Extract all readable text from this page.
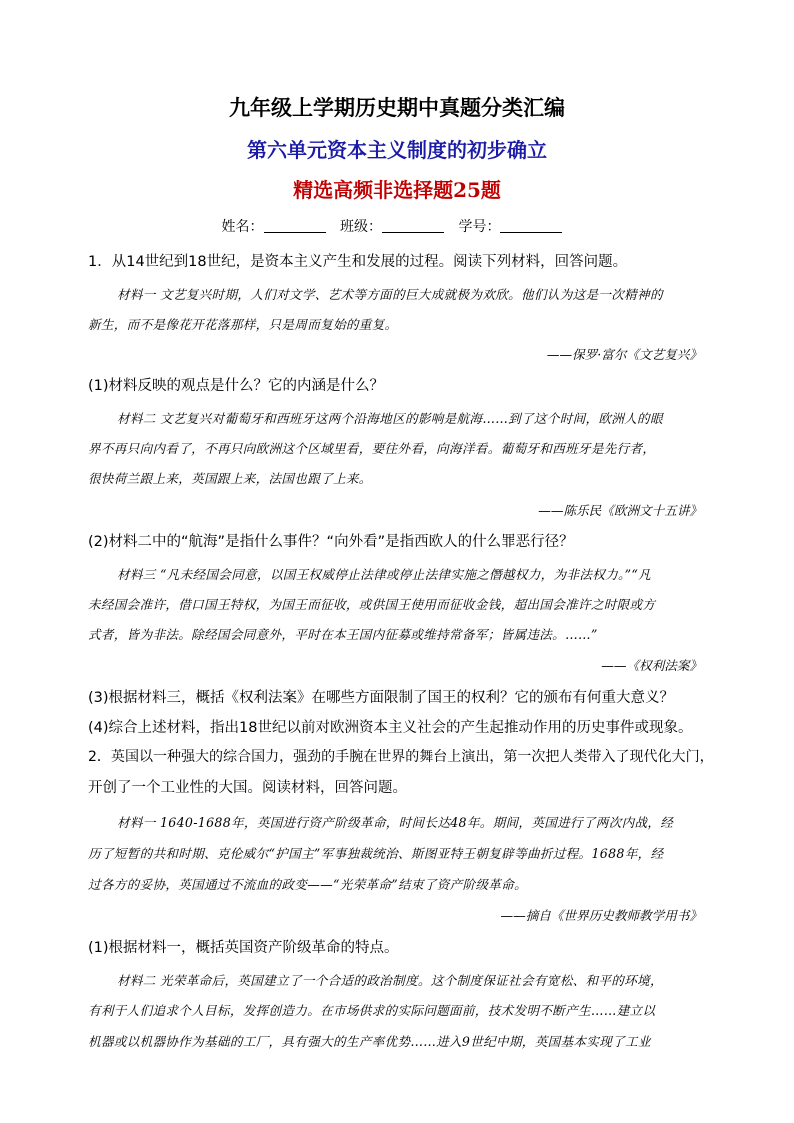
九年级上学期历史期中真题分类汇编
第六单元资本主义制度的初步确立
精选高频非选择题25题
姓名：	班级：	学号：
1．从14世纪到18世纪，是资本主义产生和发展的过程。阅读下列材料，回答问题。
材料一 文艺复兴时期，人们对文学、艺术等方面的巨大成就极为欢欣。他们认为这是一次精神的
新生，而不是像花开花落那样，只是周而复始的重复。
——保罗·富尔《文艺复兴》
(1)材料反映的观点是什么？它的内涵是什么？
材料二 文艺复兴对葡萄牙和西班牙这两个沿海地区的影响是航海……到了这个时间，欧洲人的眼
界不再只向内看了，不再只向欧洲这个区域里看，要往外看，向海洋看。葡萄牙和西班牙是先行者，
很快荷兰跟上来，英国跟上来，法国也跟了上来。
——陈乐民《欧洲文十五讲》
(2)材料二中的“航海”是指什么事件？“向外看”是指西欧人的什么罪恶行径？
材料三 “凡未经国会同意，以国王权威停止法律或停止法律实施之僭越权力，为非法权力。”“凡
未经国会准许，借口国王特权，为国王而征收，或供国王使用而征收金钱，超出国会准许之时限或方
式者，皆为非法。除经国会同意外，平时在本王国内征募或维持常备军；皆属违法。……”
——《权利法案》
(3)根据材料三，概括《权利法案》在哪些方面限制了国王的权利？它的颁布有何重大意义？
(4)综合上述材料，指出18世纪以前对欧洲资本主义社会的产生起推动作用的历史事件或现象。
2．英国以一种强大的综合国力，强劲的手腕在世界的舞台上演出，第一次把人类带入了现代化大门，
开创了一个工业性的大国。阅读材料，回答问题。
材料一 1640-1688年，英国进行资产阶级革命，时间长达48年。期间，英国进行了两次内战，经
历了短暂的共和时期、克伦威尔“护国主”军事独裁统治、斯图亚特王朝复辟等曲折过程。1688年，经
过各方的妥协，英国通过不流血的政变——“光荣革命”结束了资产阶级革命。
——摘自《世界历史教师教学用书》
(1)根据材料一，概括英国资产阶级革命的特点。
材料二 光荣革命后，英国建立了一个合适的政治制度。这个制度保证社会有宽松、和平的环境，
有利于人们追求个人目标，发挥创造力。在市场供求的实际问题面前，技术发明不断产生……建立以
机器或以机器协作为基础的工厂，具有强大的生产率优势……进入9世纪中期，英国基本实现了工业
